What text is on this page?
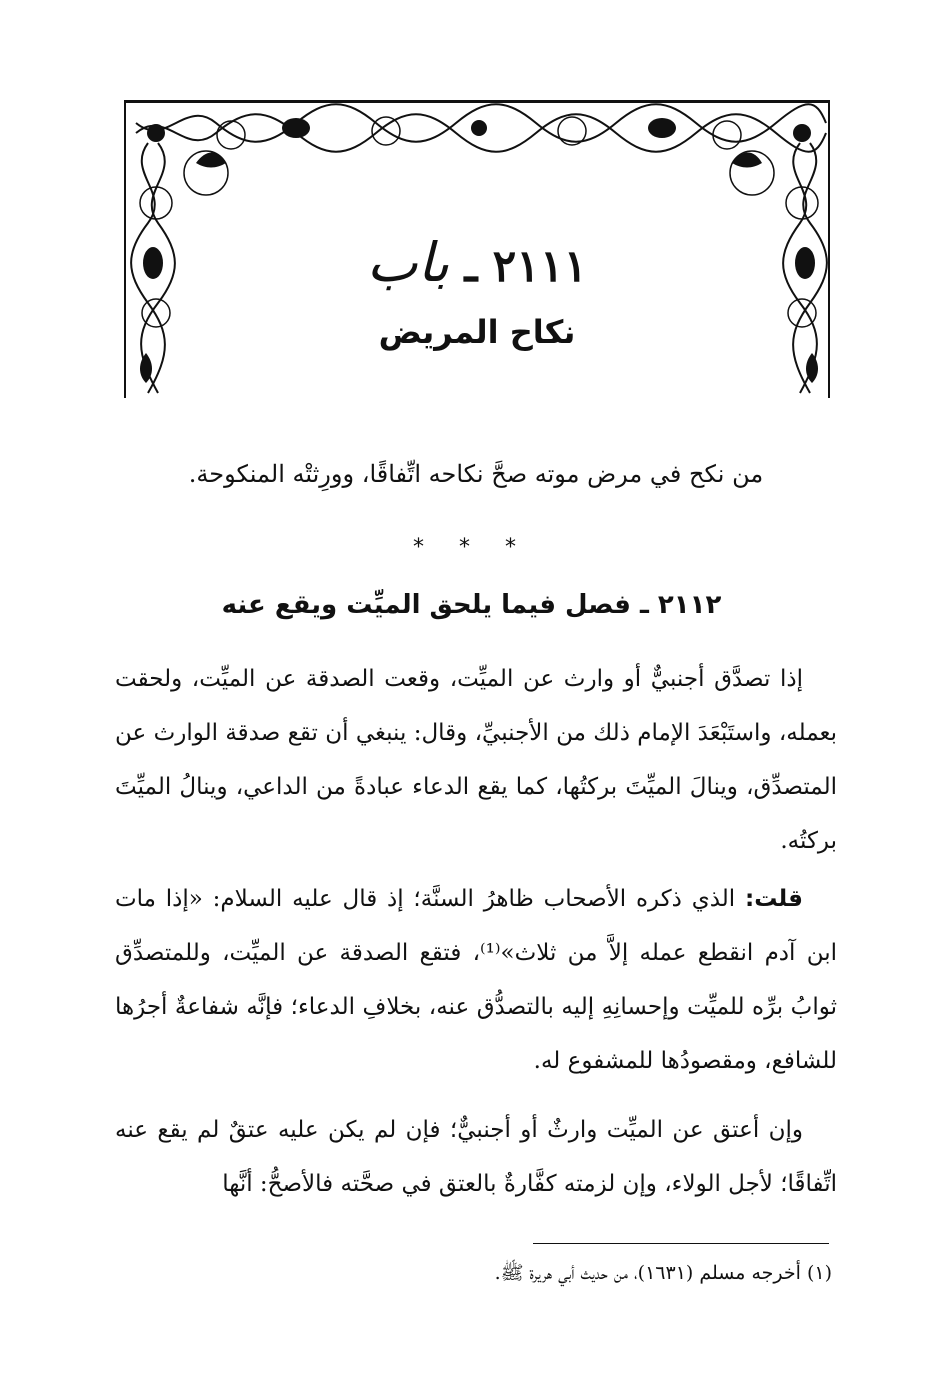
٢١١١ ـ باب
نكاح المريض
من نكح في مرض موته صحَّ نكاحه اتِّفاقًا، وورِثتْه المنكوحة.
* * *
٢١١٢ ـ فصل فيما يلحق الميِّت ويقع عنه
إذا تصدَّق أجنبيٌّ أو وارث عن الميِّت، وقعت الصدقة عن الميِّت، ولحقت بعمله، واستَبْعَدَ الإمام ذلك من الأجنبيِّ، وقال: ينبغي أن تقع صدقة الوارث عن المتصدِّق، وينالَ الميِّتَ بركتُها، كما يقع الدعاء عبادةً من الداعي، وينالُ الميِّتَ بركتُه.
قلت: الذي ذكره الأصحاب ظاهرُ السنَّة؛ إذ قال عليه السلام: «إذا مات ابن آدم انقطع عمله إلاَّ من ثلاث»⁽¹⁾، فتقع الصدقة عن الميِّت، وللمتصدِّق ثوابُ برِّه للميِّت وإحسانِهِ إليه بالتصدُّق عنه، بخلافِ الدعاء؛ فإنَّه شفاعةٌ أجرُها للشافع، ومقصودُها للمشفوع له.
وإن أعتق عن الميِّت وارثٌ أو أجنبيٌّ؛ فإن لم يكن عليه عتقٌ لم يقع عنه اتِّفاقًا؛ لأجل الولاء، وإن لزمته كفَّارةٌ بالعتق في صحَّته فالأصحُّ: أنَّها
(١) أخرجه مسلم (١٦٣١)، من حديث أبي هريرة ﷺ.
